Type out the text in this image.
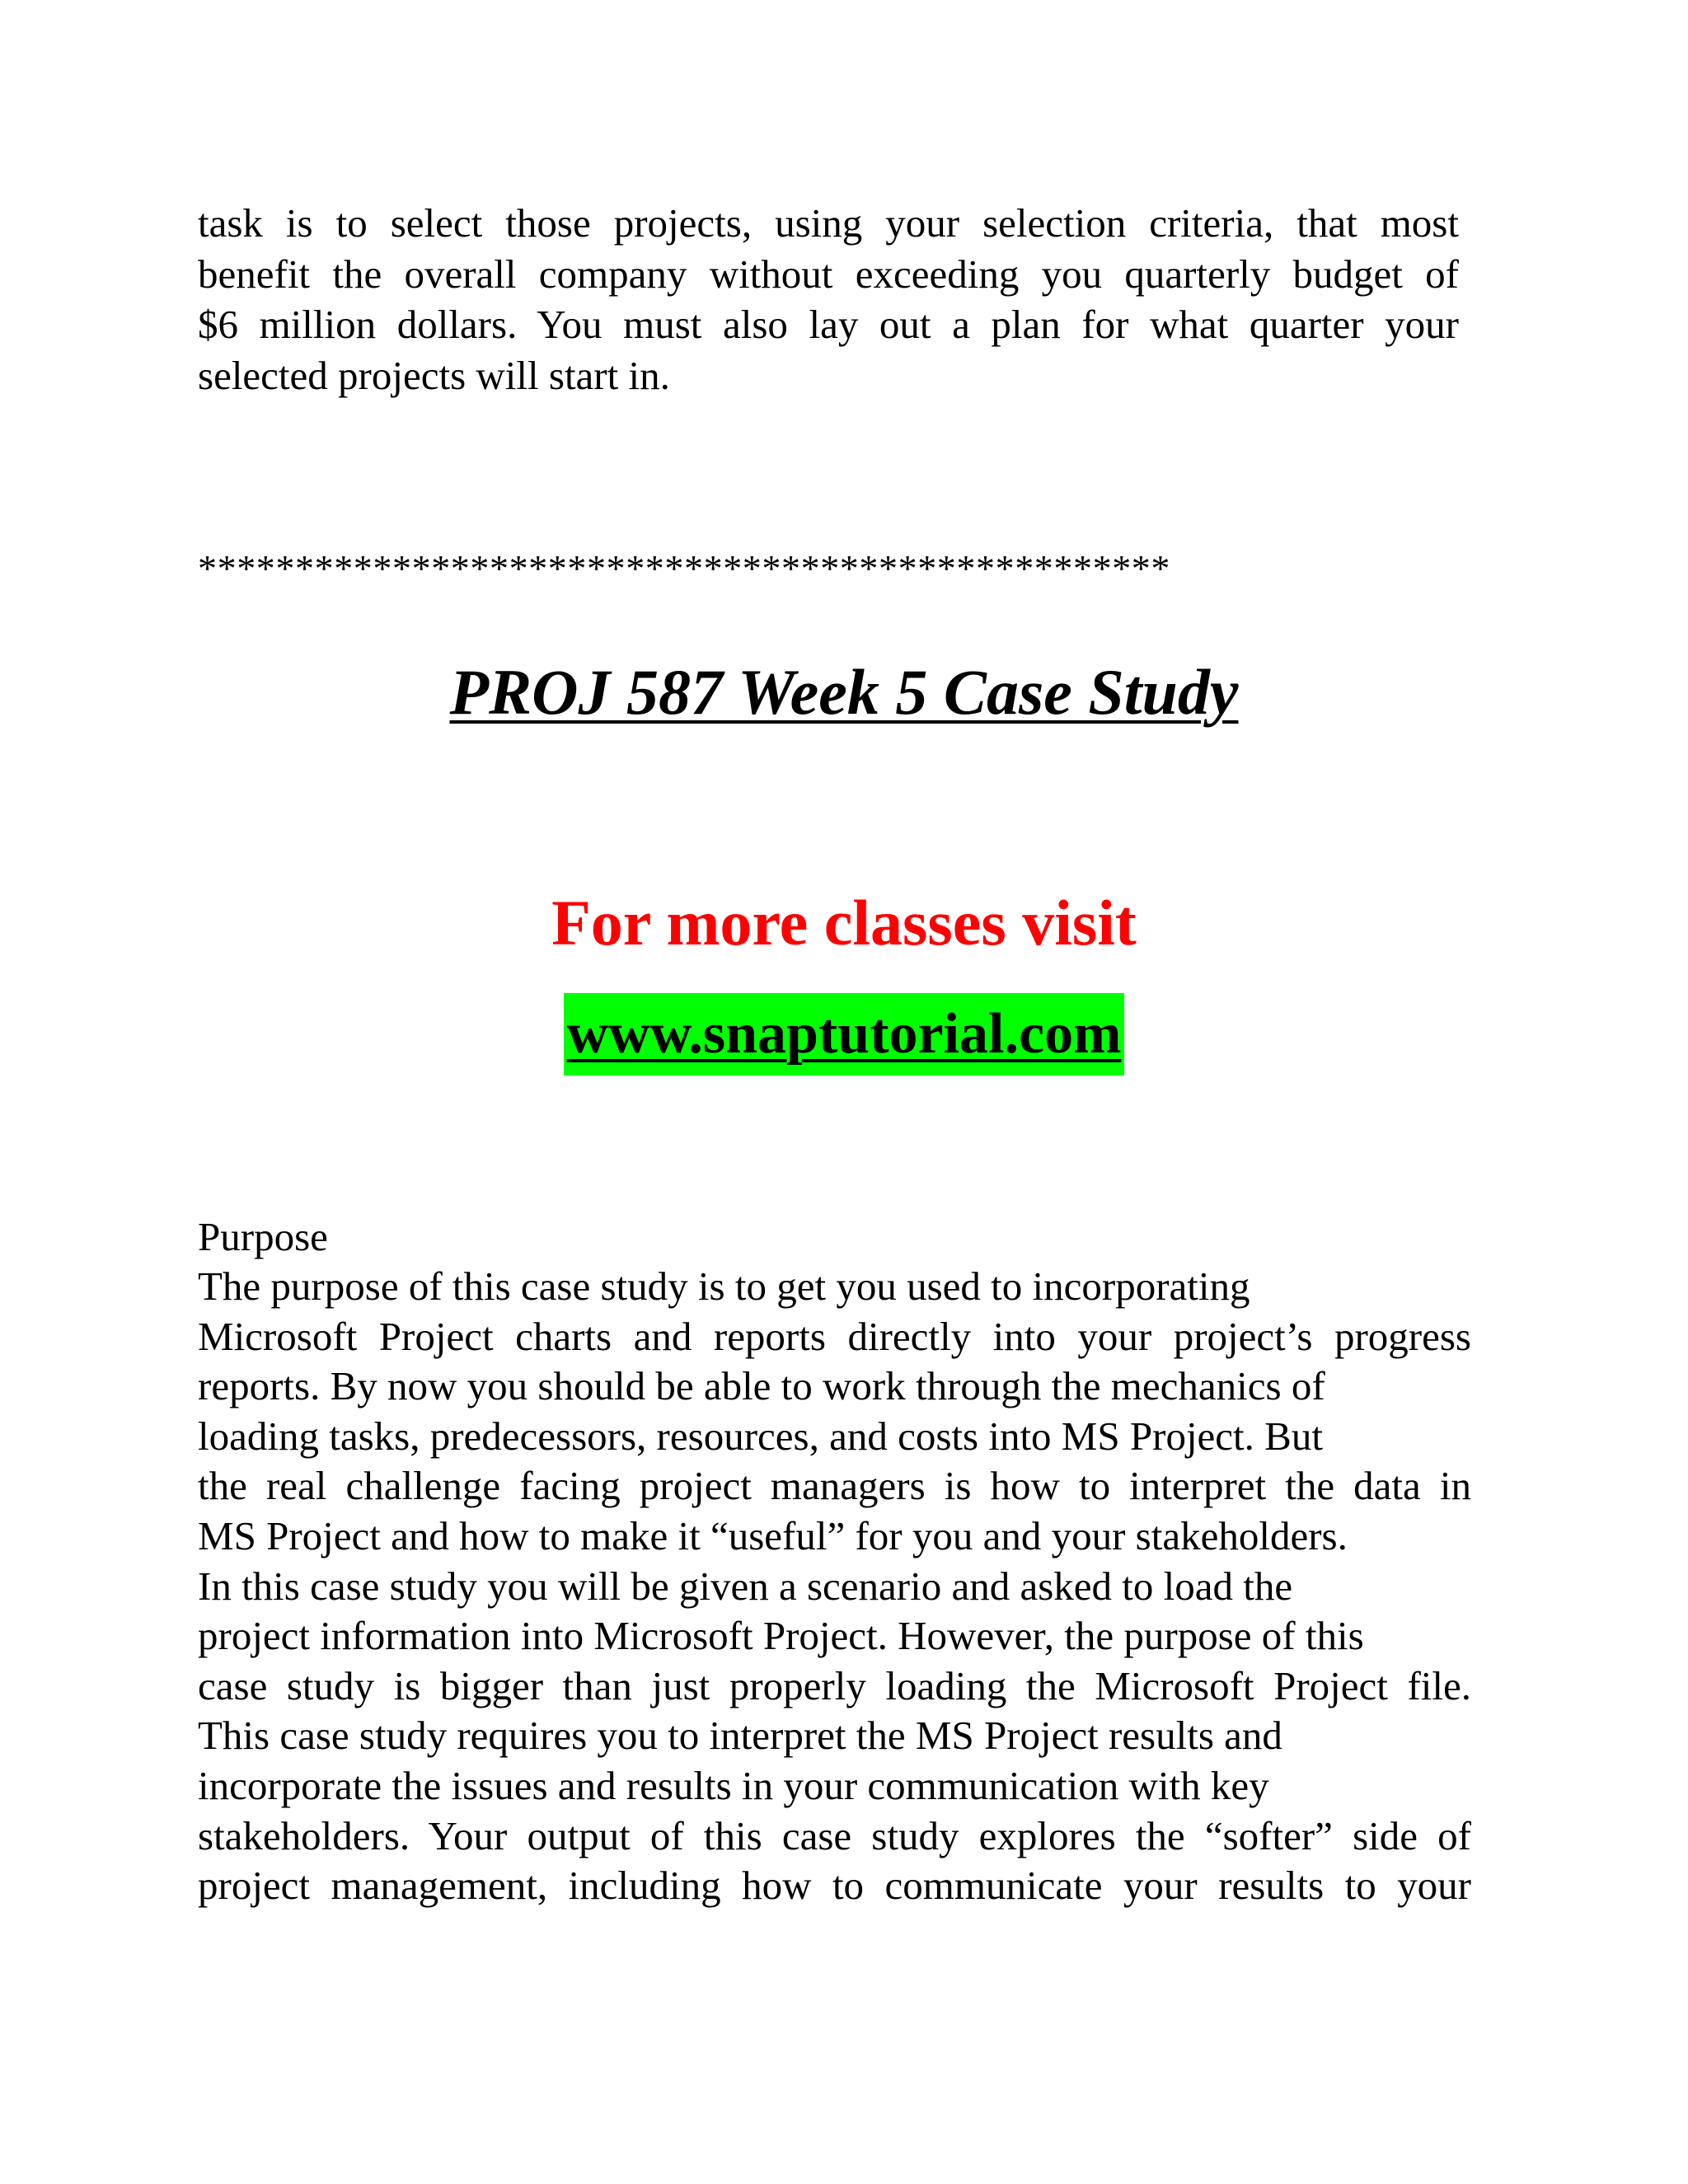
task is to select those projects, using your selection criteria, that most
benefit the overall company without exceeding you quarterly budget of
$6 million dollars. You must also lay out a plan for what quarter your
selected projects will start in.
**************************************************
PROJ 587 Week 5 Case Study
For more classes visit
www.snaptutorial.com
Purpose
The purpose of this case study is to get you used to incorporating
Microsoft Project charts and reports directly into your project’s progress
reports. By now you should be able to work through the mechanics of
loading tasks, predecessors, resources, and costs into MS Project. But
the real challenge facing project managers is how to interpret the data in
MS Project and how to make it “useful” for you and your stakeholders.
In this case study you will be given a scenario and asked to load the
project information into Microsoft Project. However, the purpose of this
case study is bigger than just properly loading the Microsoft Project file.
This case study requires you to interpret the MS Project results and
incorporate the issues and results in your communication with key
stakeholders. Your output of this case study explores the “softer” side of
project management, including how to communicate your results to your
